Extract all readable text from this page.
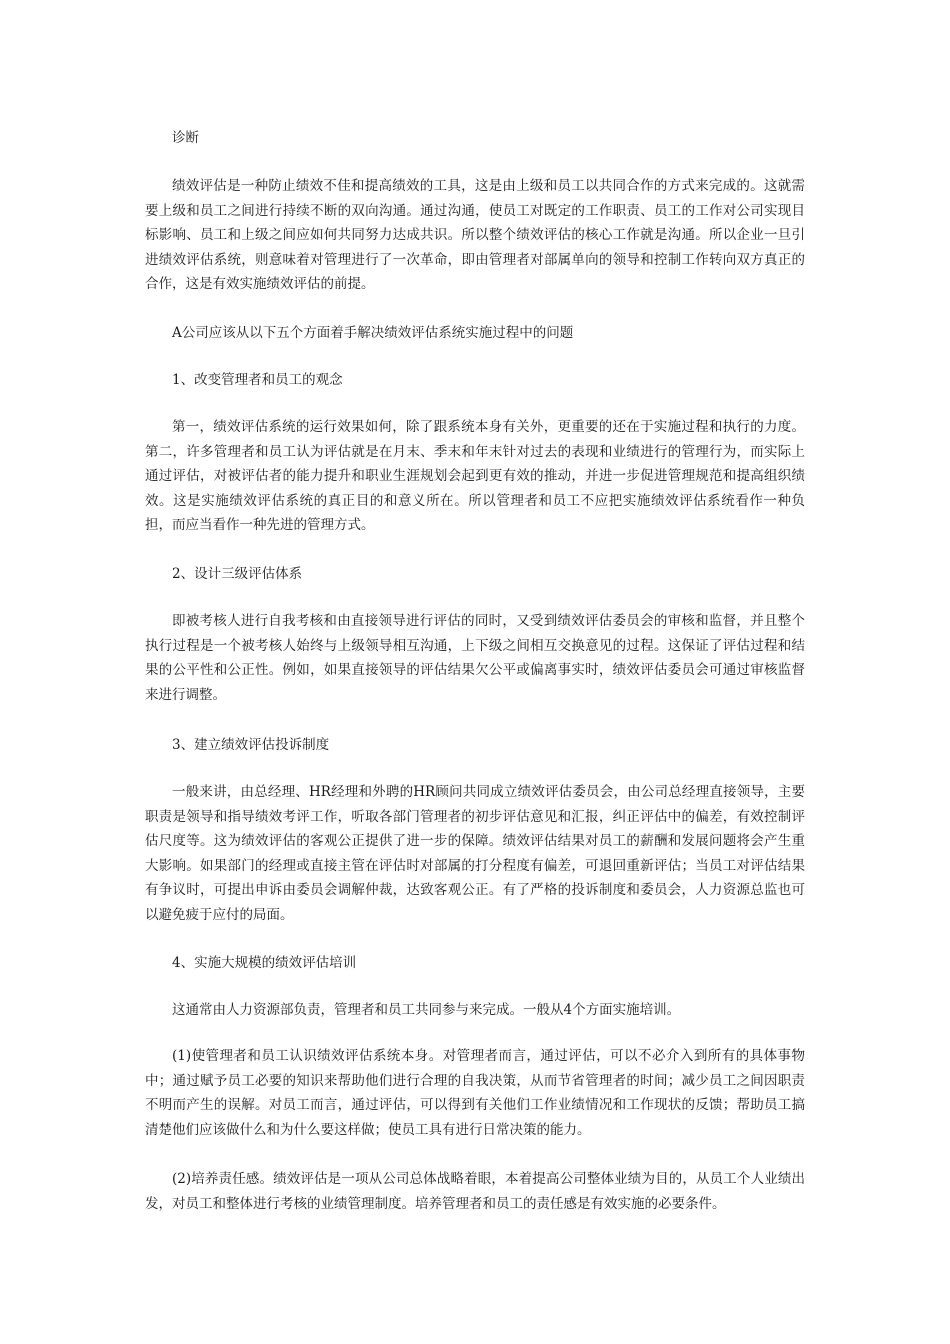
诊断

绩效评估是一种防止绩效不佳和提高绩效的工具，这是由上级和员工以共同合作的方式来完成的。这就需要上级和员工之间进行持续不断的双向沟通。通过沟通，使员工对既定的工作职责、员工的工作对公司实现目标影响、员工和上级之间应如何共同努力达成共识。所以整个绩效评估的核心工作就是沟通。所以企业一旦引进绩效评估系统，则意味着对管理进行了一次革命，即由管理者对部属单向的领导和控制工作转向双方真正的合作，这是有效实施绩效评估的前提。

A公司应该从以下五个方面着手解决绩效评估系统实施过程中的问题

1、改变管理者和员工的观念

第一，绩效评估系统的运行效果如何，除了跟系统本身有关外，更重要的还在于实施过程和执行的力度。第二，许多管理者和员工认为评估就是在月末、季末和年末针对过去的表现和业绩进行的管理行为，而实际上通过评估，对被评估者的能力提升和职业生涯规划会起到更有效的推动，并进一步促进管理规范和提高组织绩效。这是实施绩效评估系统的真正目的和意义所在。所以管理者和员工不应把实施绩效评估系统看作一种负担，而应当看作一种先进的管理方式。

2、设计三级评估体系

即被考核人进行自我考核和由直接领导进行评估的同时，又受到绩效评估委员会的审核和监督，并且整个执行过程是一个被考核人始终与上级领导相互沟通，上下级之间相互交换意见的过程。这保证了评估过程和结果的公平性和公正性。例如，如果直接领导的评估结果欠公平或偏离事实时，绩效评估委员会可通过审核监督来进行调整。

3、建立绩效评估投诉制度

一般来讲，由总经理、HR经理和外聘的HR顾问共同成立绩效评估委员会，由公司总经理直接领导，主要职责是领导和指导绩效考评工作，听取各部门管理者的初步评估意见和汇报，纠正评估中的偏差，有效控制评估尺度等。这为绩效评估的客观公正提供了进一步的保障。绩效评估结果对员工的薪酬和发展问题将会产生重大影响。如果部门的经理或直接主管在评估时对部属的打分程度有偏差，可退回重新评估；当员工对评估结果有争议时，可提出申诉由委员会调解仲裁，达致客观公正。有了严格的投诉制度和委员会，人力资源总监也可以避免疲于应付的局面。

4、实施大规模的绩效评估培训

这通常由人力资源部负责，管理者和员工共同参与来完成。一般从4个方面实施培训。

(1)使管理者和员工认识绩效评估系统本身。对管理者而言，通过评估，可以不必介入到所有的具体事物中；通过赋予员工必要的知识来帮助他们进行合理的自我决策，从而节省管理者的时间；减少员工之间因职责不明而产生的误解。对员工而言，通过评估，可以得到有关他们工作业绩情况和工作现状的反馈；帮助员工搞清楚他们应该做什么和为什么要这样做；使员工具有进行日常决策的能力。

(2)培养责任感。绩效评估是一项从公司总体战略着眼，本着提高公司整体业绩为目的，从员工个人业绩出发，对员工和整体进行考核的业绩管理制度。培养管理者和员工的责任感是有效实施的必要条件。
